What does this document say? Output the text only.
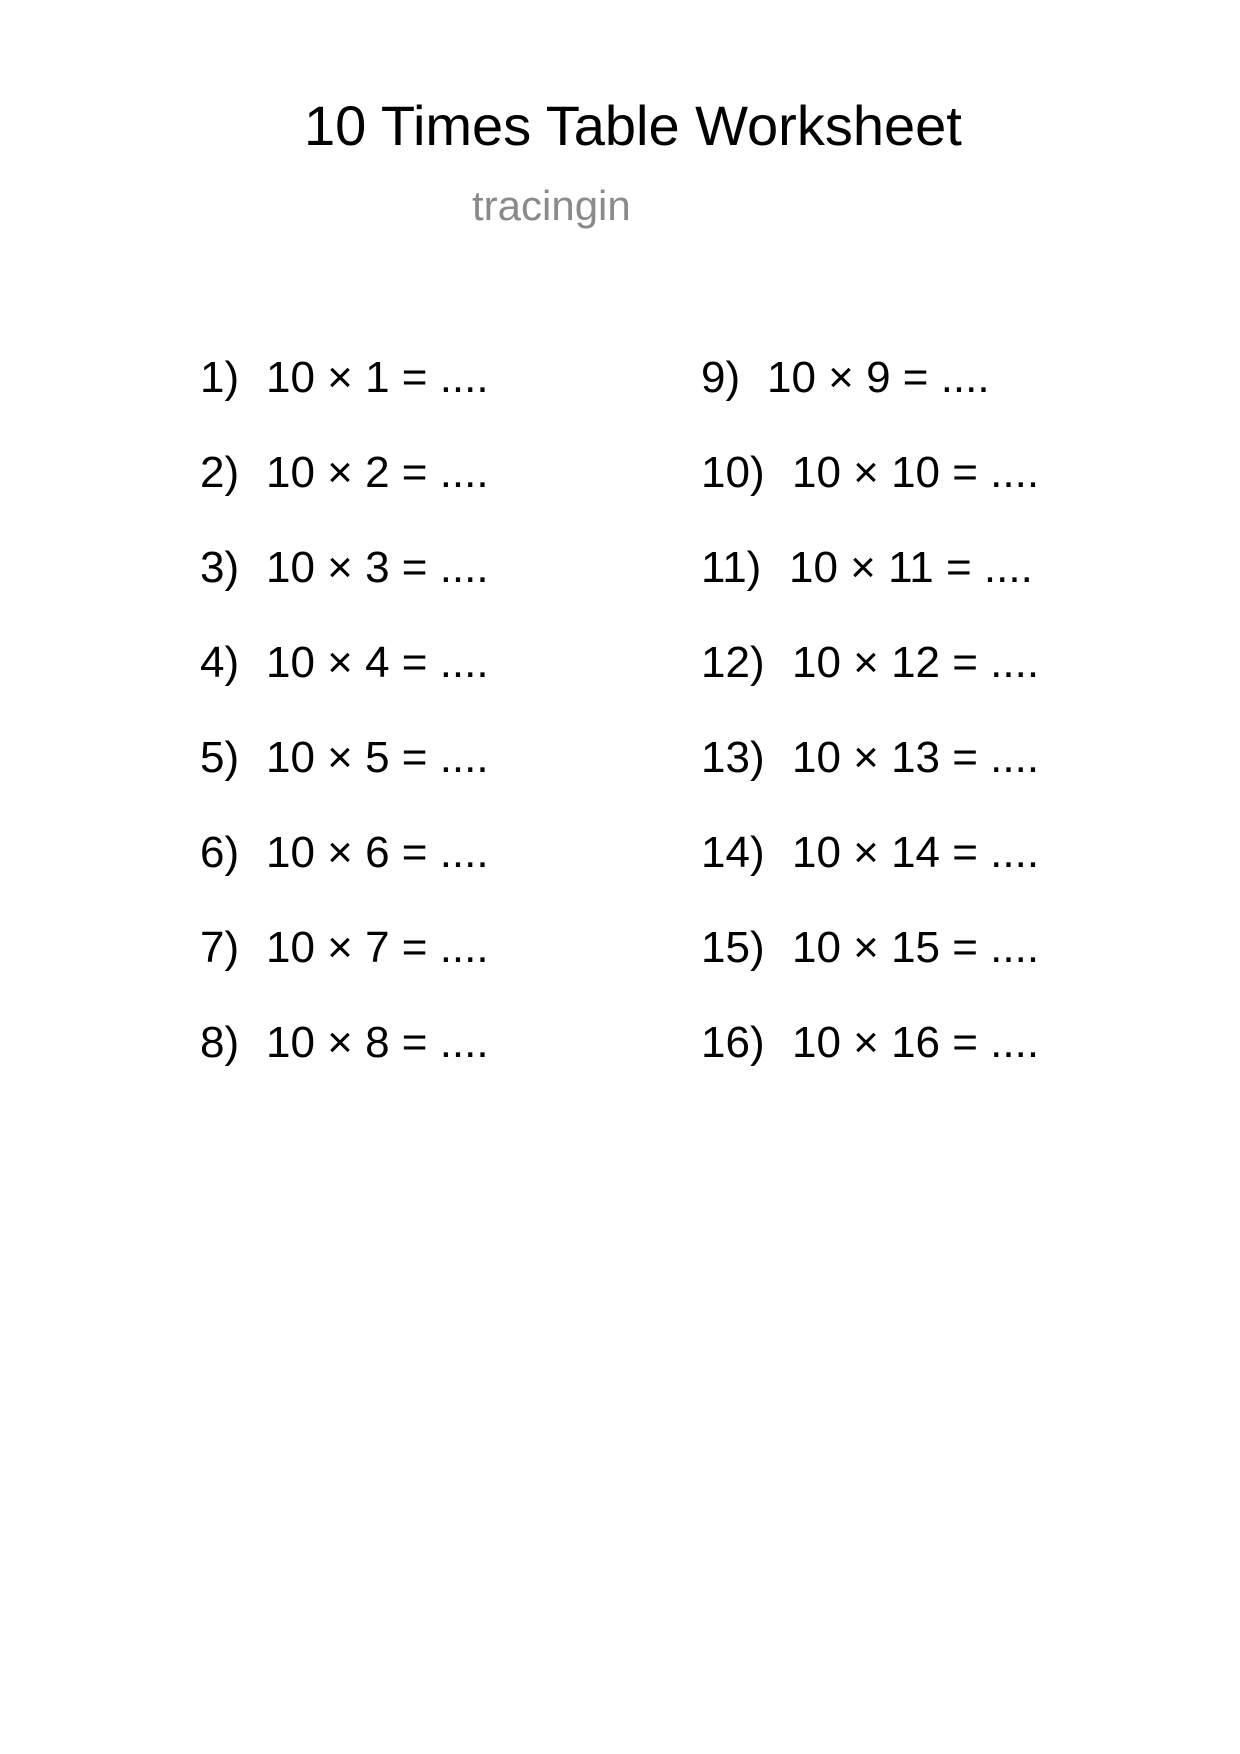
10 Times Table Worksheet
tracingin
1) 10 × 1 = ....
2) 10 × 2 = ....
3) 10 × 3 = ....
4) 10 × 4 = ....
5) 10 × 5 = ....
6) 10 × 6 = ....
7) 10 × 7 = ....
8) 10 × 8 = ....
9) 10 × 9 = ....
10) 10 × 10 = ....
11) 10 × 11 = ....
12) 10 × 12 = ....
13) 10 × 13 = ....
14) 10 × 14 = ....
15) 10 × 15 = ....
16) 10 × 16 = ....
